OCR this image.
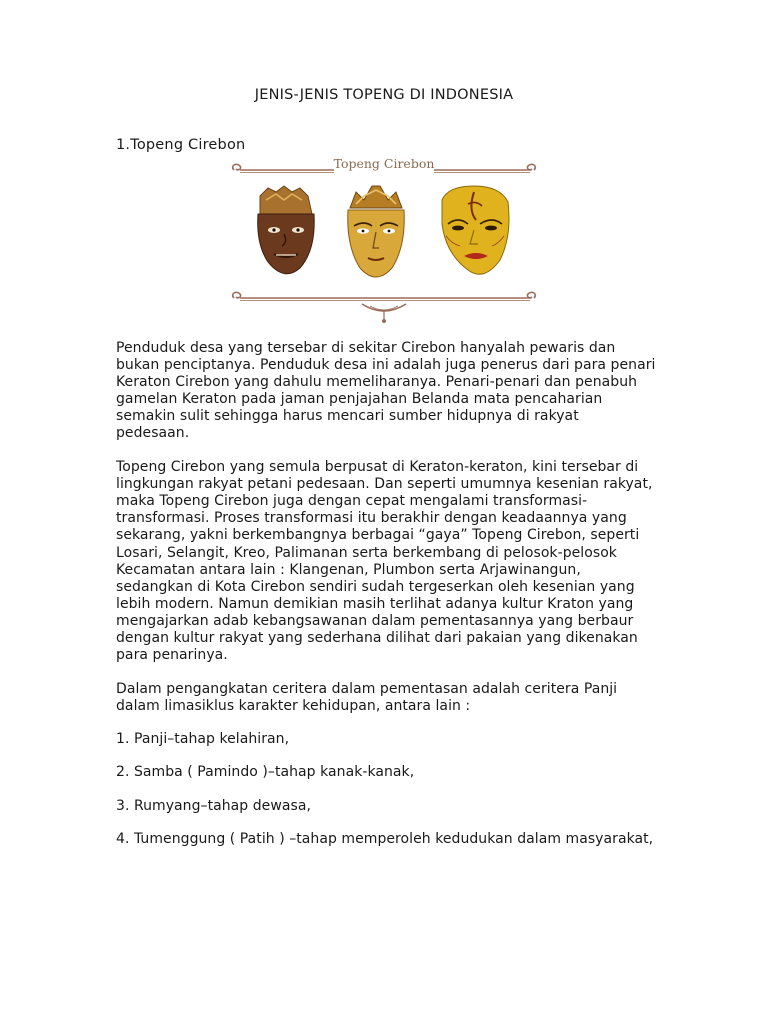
JENIS-JENIS TOPENG DI INDONESIA
1.Topeng Cirebon
Topeng Cirebon

Penduduk desa yang tersebar di sekitar Cirebon hanyalah pewaris dan bukan penciptanya. Penduduk desa ini adalah juga penerus dari para penari Keraton Cirebon yang dahulu memeliharanya. Penari-penari dan penabuh gamelan Keraton pada jaman penjajahan Belanda mata pencaharian semakin sulit sehingga harus mencari sumber hidupnya di rakyat pedesaan.

Topeng Cirebon yang semula berpusat di Keraton-keraton, kini tersebar di lingkungan rakyat petani pedesaan. Dan seperti umumnya kesenian rakyat, maka Topeng Cirebon juga dengan cepat mengalami transformasi-transformasi. Proses transformasi itu berakhir dengan keadaannya yang sekarang, yakni berkembangnya berbagai “gaya” Topeng Cirebon, seperti Losari, Selangit, Kreo, Palimanan serta berkembang di pelosok-pelosok Kecamatan antara lain : Klangenan, Plumbon serta Arjawinangun, sedangkan di Kota Cirebon sendiri sudah tergeserkan oleh kesenian yang lebih modern. Namun demikian masih terlihat adanya kultur Kraton yang mengajarkan adab kebangsawanan dalam pementasannya yang berbaur dengan kultur rakyat yang sederhana dilihat dari pakaian yang dikenakan para penarinya.

Dalam pengangkatan ceritera dalam pementasan adalah ceritera Panji dalam limasiklus karakter kehidupan, antara lain :

1. Panji–tahap kelahiran,

2. Samba ( Pamindo )–tahap kanak-kanak,

3. Rumyang–tahap dewasa,

4. Tumenggung ( Patih ) –tahap memperoleh kedudukan dalam masyarakat,
